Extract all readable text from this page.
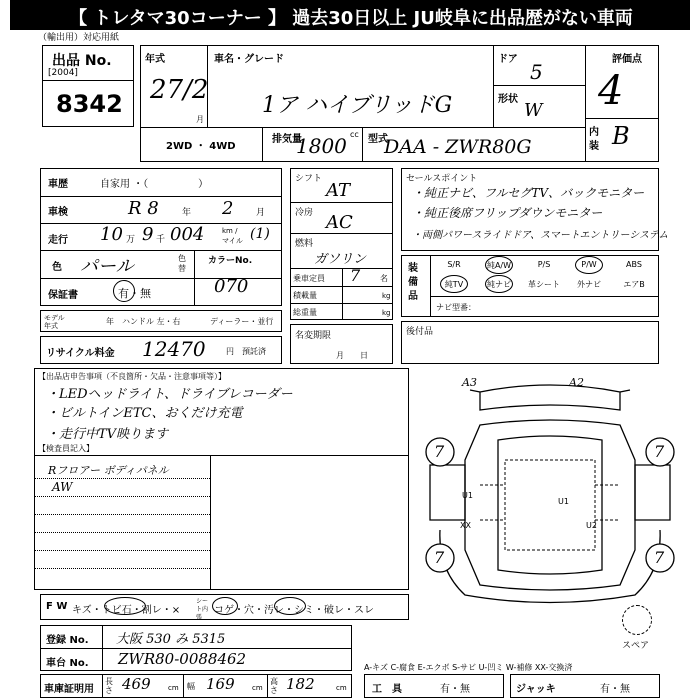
【 トレタマ30コーナー 】 過去30日以上 JU岐阜に出品歴がない車両
（輸出用）対応用紙
出品 No.
[2004]
8342
年式
27/2
月
車名・グレード
1ア ハイブリッドG
ドア
5
形状
W
評価点
4
内装 B
2WD ・ 4WD
排気量
1800 cc 型式
DAA - ZWR80G
車歴	自家用 ・（　　　　　）
車検	R 8	年 2	月
走行 10 万 9 千 004	km / マイル (1)
色 パール	色替
カラーNo.
070
保証書	有・無
モデル年式	年 ハンドル 左・右	ディーラー・並行
リサイクル料金 12470	円 預託済
シフト
AT
冷房 AC
燃料
ガソリン
乗車定員 7 名
積載量	kg
総重量	kg
名変期限
月　　日
セールスポイント
・純正ナビ、フルセグTV、バックモニター
・純正後席フリップダウンモニター
・両側パワースライドドア、スマートエントリーシステム
装備品
S/R	純A/W	P/S	P/W	ABS
純TV	純ナビ	革シート	外ナビ	エアB
ナビ型番：
後付品
【出品店申告事項（不良箇所・欠品・注意事項等）】
・LEDヘッドライト、ドライブレコーダー
・ビルトインETC、おくだけ充電
・走行中TV映ります
【検査員記入】
Rフロアー ボディパネル
AW
A3	A2
7	7
7	7
U1
XX
U1
U2
スペア
F W キズ・トビ石・割レ・×
シート内張
コゲ・穴・汚レ・シミ・破レ・スレ
登録 No. 大阪 530 み 5315
車台 No. ZWR80-0088462	A-キズ C-腐食 E-エクボ S-サビ U-凹ミ W-補修 XX-交換済
車庫証明用
長さ 469 cm 幅 169 cm
高さ 182	cm	工　具	有・無	ジャッキ	有・無
